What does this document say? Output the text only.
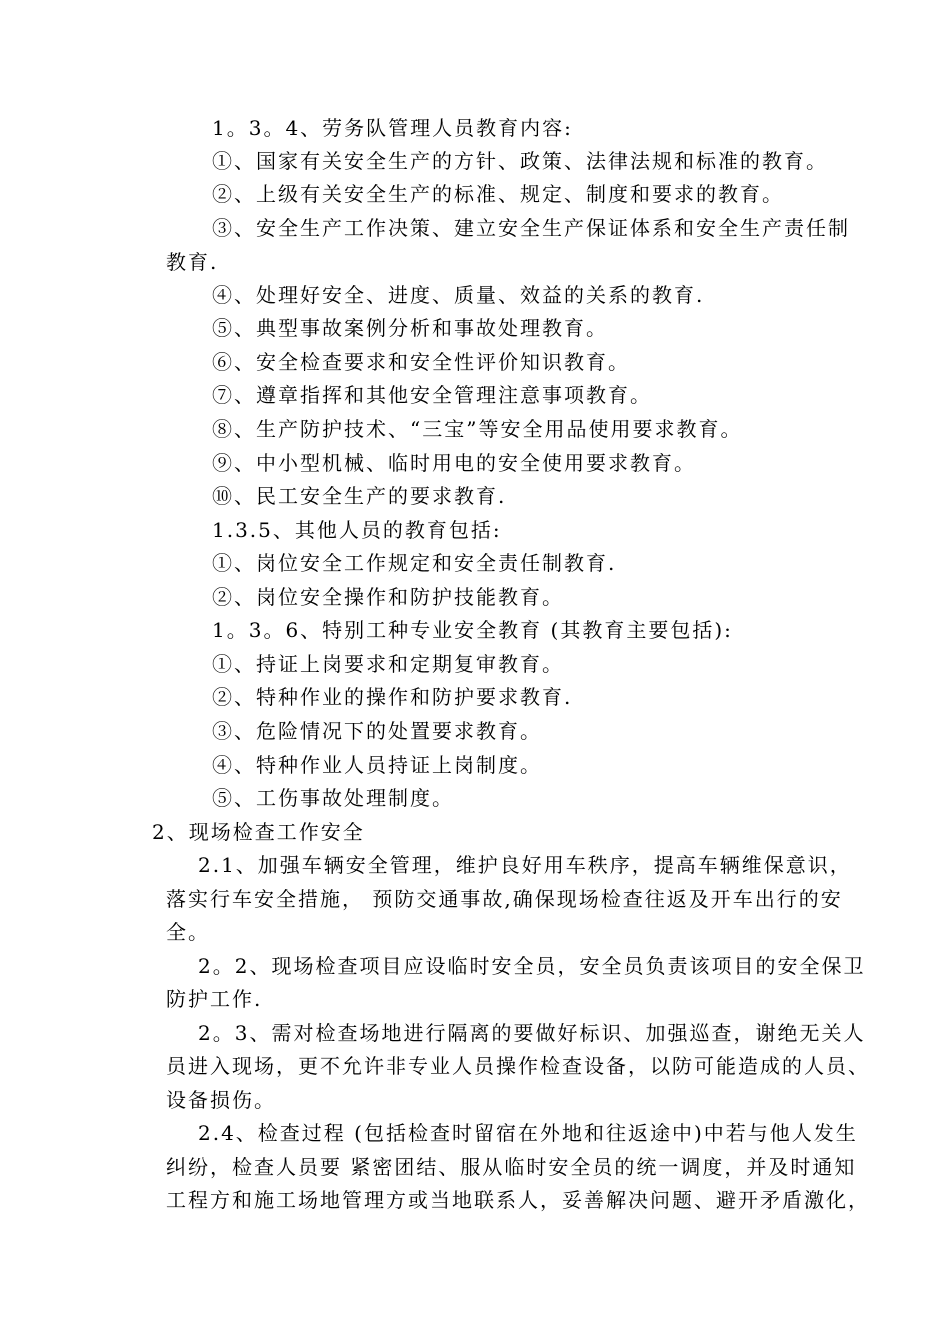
1。3。4、劳务队管理人员教育内容:
①、国家有关安全生产的方针、政策、法律法规和标准的教育。
②、上级有关安全生产的标准、规定、制度和要求的教育。
③、安全生产工作决策、建立安全生产保证体系和安全生产责任制
教育.
④、处理好安全、进度、质量、效益的关系的教育.
⑤、典型事故案例分析和事故处理教育。
⑥、安全检查要求和安全性评价知识教育。
⑦、遵章指挥和其他安全管理注意事项教育。
⑧、生产防护技术、“三宝”等安全用品使用要求教育。
⑨、中小型机械、临时用电的安全使用要求教育。
⑩、民工安全生产的要求教育.
1.3.5、其他人员的教育包括:
①、岗位安全工作规定和安全责任制教育.
②、岗位安全操作和防护技能教育。
1。3。6、特别工种专业安全教育 (其教育主要包括):
①、持证上岗要求和定期复审教育。
②、特种作业的操作和防护要求教育.
③、危险情况下的处置要求教育。
④、特种作业人员持证上岗制度。
⑤、工伤事故处理制度。
2、现场检查工作安全
2.1、加强车辆安全管理，维护良好用车秩序，提高车辆维保意识，
落实行车安全措施， 预防交通事故,确保现场检查往返及开车出行的安
全。
2。2、现场检查项目应设临时安全员，安全员负责该项目的安全保卫
防护工作.
2。3、需对检查场地进行隔离的要做好标识、加强巡查，谢绝无关人
员进入现场，更不允许非专业人员操作检查设备，以防可能造成的人员、
设备损伤。
2.4、检查过程 (包括检查时留宿在外地和往返途中)中若与他人发生
纠纷，检查人员要 紧密团结、服从临时安全员的统一调度，并及时通知
工程方和施工场地管理方或当地联系人，妥善解决问题、避开矛盾激化，
